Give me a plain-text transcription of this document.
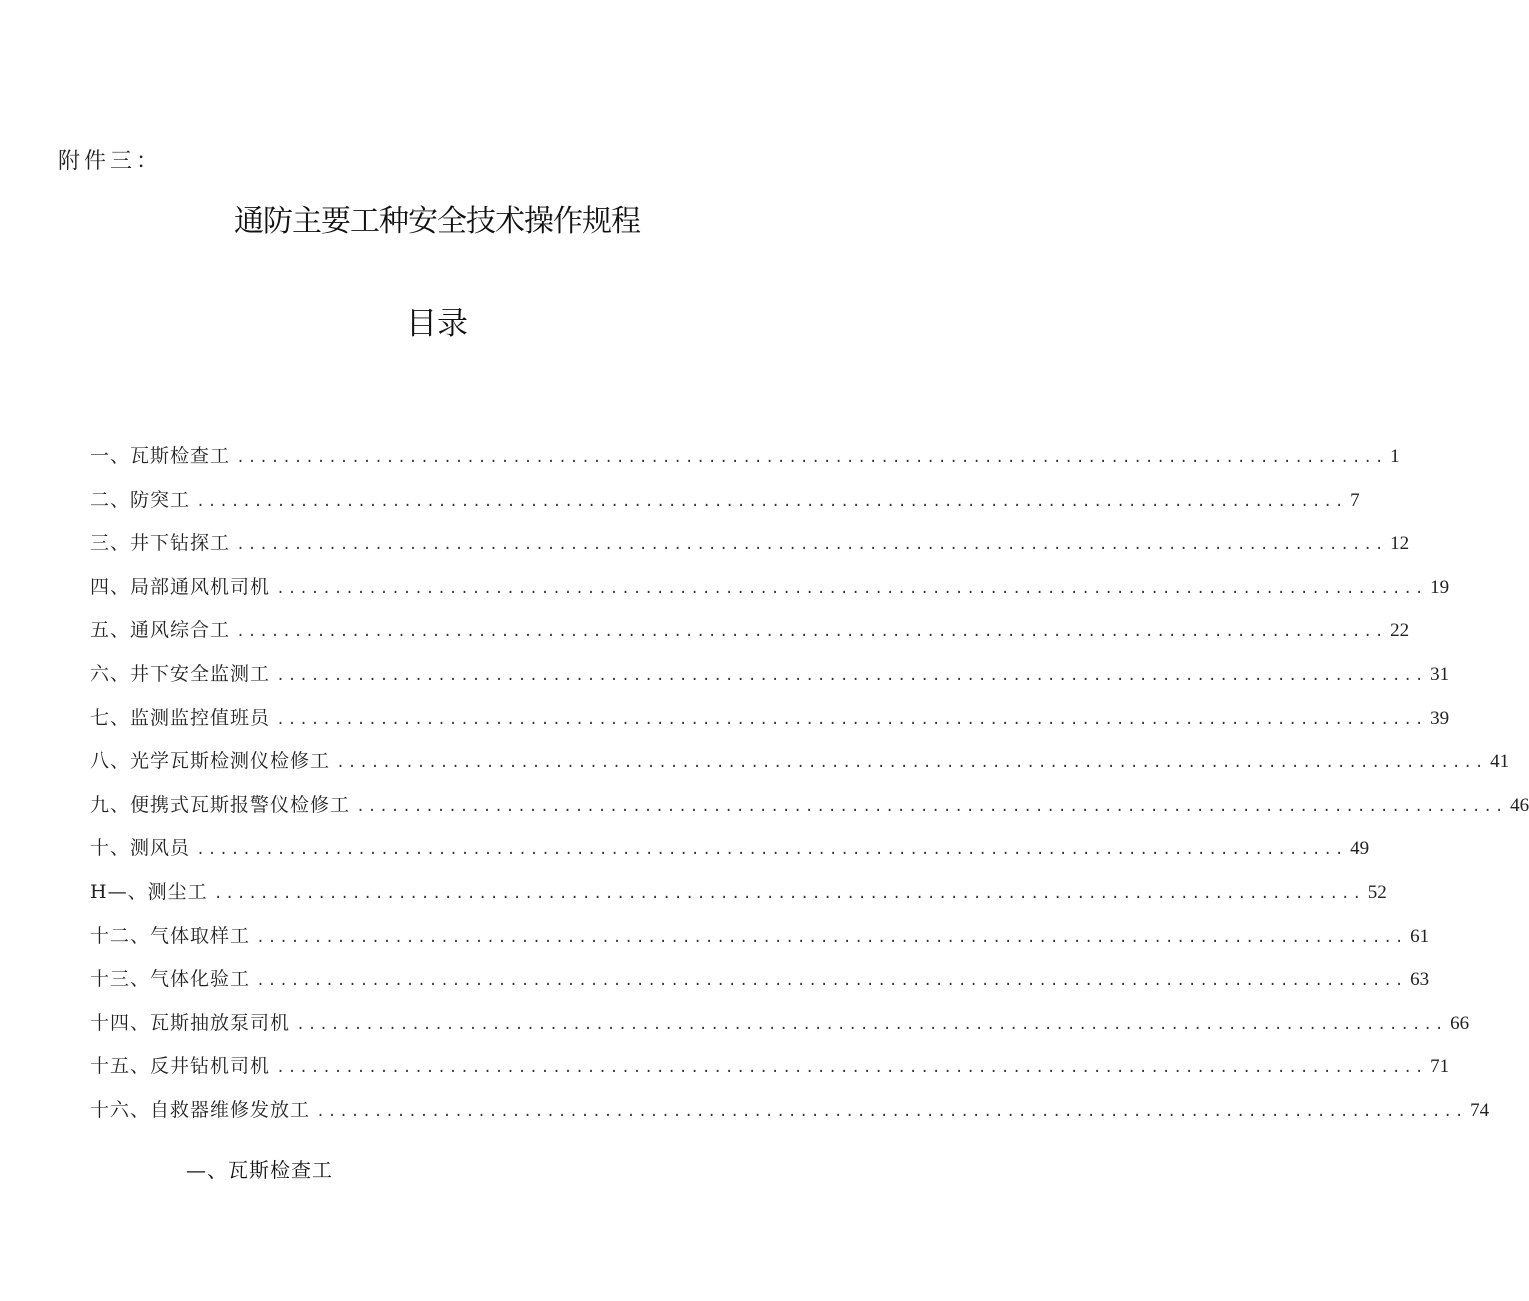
附件三：
通防主要工种安全技术操作规程
目录
一、瓦斯检查工 .................................................................................................... 1
二、防突工 .................................................................................................... 7
三、井下钻探工 .................................................................................................... 12
四、局部通风机司机 .................................................................................................... 19
五、通风综合工 .................................................................................................... 22
六、井下安全监测工 .................................................................................................... 31
七、监测监控值班员 .................................................................................................... 39
八、光学瓦斯检测仪检修工 .................................................................................................... 41
九、便携式瓦斯报警仪检修工 .................................................................................................... 46
十、测风员 .................................................................................................... 49
H—、测尘工 .................................................................................................... 52
十二、气体取样工 .................................................................................................... 61
十三、气体化验工 .................................................................................................... 63
十四、瓦斯抽放泵司机 .................................................................................................... 66
十五、反井钻机司机 .................................................................................................... 71
十六、自救器维修发放工 .................................................................................................... 74
—、瓦斯检查工
